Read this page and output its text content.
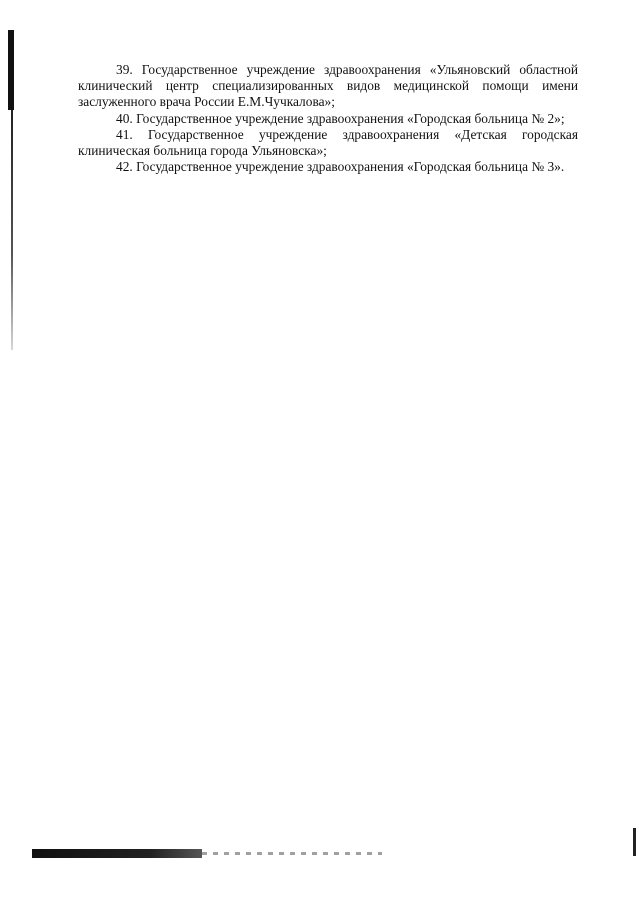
39. Государственное учреждение здравоохранения «Ульяновский областной клинический центр специализированных видов медицинской помощи имени заслуженного врача России Е.М.Чучкалова»;

40. Государственное учреждение здравоохранения «Городская больница № 2»;

41. Государственное учреждение здравоохранения «Детская городская клиническая больница города Ульяновска»;

42. Государственное учреждение здравоохранения «Городская больница № 3».
